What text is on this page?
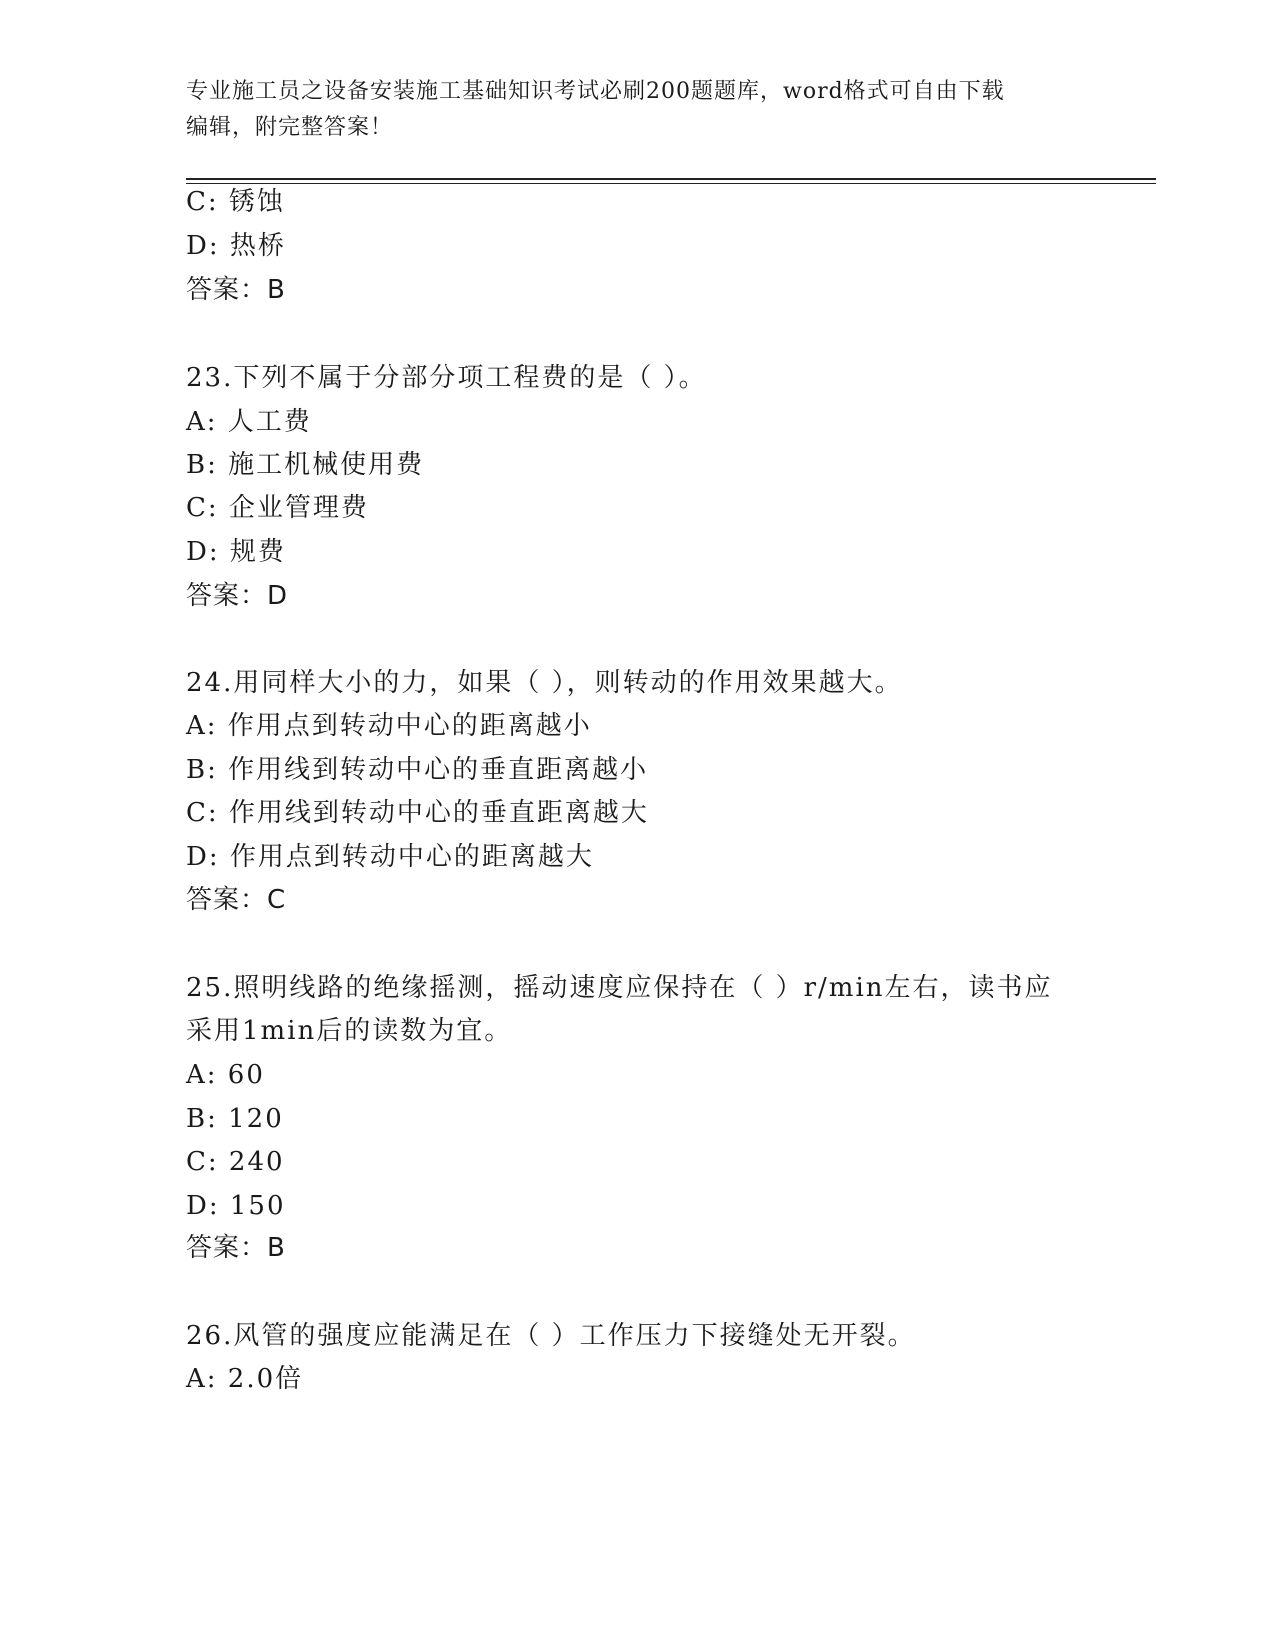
专业施工员之设备安装施工基础知识考试必刷200题题库，word格式可自由下载
编辑，附完整答案！
C: 锈蚀
D: 热桥
答案：B
23.下列不属于分部分项工程费的是（ ）。
A: 人工费
B: 施工机械使用费
C: 企业管理费
D: 规费
答案：D
24.用同样大小的力，如果（ ），则转动的作用效果越大。
A: 作用点到转动中心的距离越小
B: 作用线到转动中心的垂直距离越小
C: 作用线到转动中心的垂直距离越大
D: 作用点到转动中心的距离越大
答案：C
25.照明线路的绝缘摇测，摇动速度应保持在（ ）r/min左右，读书应
采用1min后的读数为宜。
A: 60
B: 120
C: 240
D: 150
答案：B
26.风管的强度应能满足在（ ）工作压力下接缝处无开裂。
A: 2.0倍
